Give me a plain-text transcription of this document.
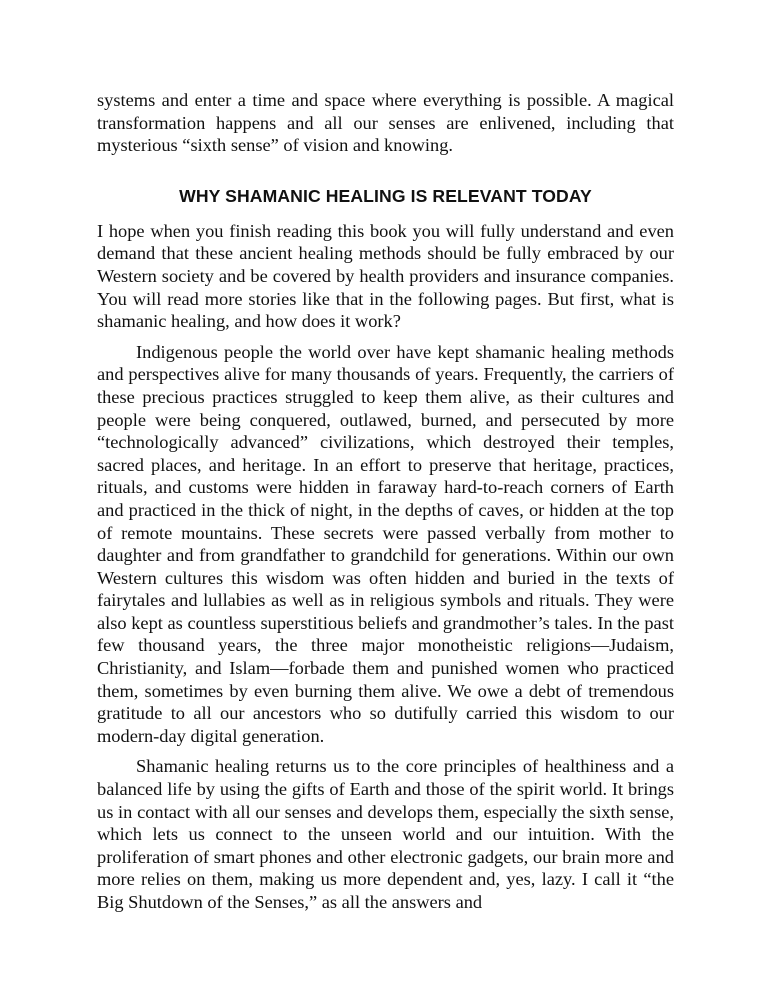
systems and enter a time and space where everything is possible. A magical transformation happens and all our senses are enlivened, including that mysterious “sixth sense” of vision and knowing.

WHY SHAMANIC HEALING IS RELEVANT TODAY

I hope when you finish reading this book you will fully understand and even demand that these ancient healing methods should be fully embraced by our Western society and be covered by health providers and insurance companies. You will read more stories like that in the following pages. But first, what is shamanic healing, and how does it work?

Indigenous people the world over have kept shamanic healing methods and perspectives alive for many thousands of years. Frequently, the carriers of these precious practices struggled to keep them alive, as their cultures and people were being conquered, outlawed, burned, and persecuted by more “technologically advanced” civilizations, which destroyed their temples, sacred places, and heritage. In an effort to preserve that heritage, practices, rituals, and customs were hidden in faraway hard-to-reach corners of Earth and practiced in the thick of night, in the depths of caves, or hidden at the top of remote mountains. These secrets were passed verbally from mother to daughter and from grandfather to grandchild for generations. Within our own Western cultures this wisdom was often hidden and buried in the texts of fairytales and lullabies as well as in religious symbols and rituals. They were also kept as countless superstitious beliefs and grandmother’s tales. In the past few thousand years, the three major monotheistic religions—Judaism, Christianity, and Islam—forbade them and punished women who practiced them, sometimes by even burning them alive. We owe a debt of tremendous gratitude to all our ancestors who so dutifully carried this wisdom to our modern-day digital generation.

Shamanic healing returns us to the core principles of healthiness and a balanced life by using the gifts of Earth and those of the spirit world. It brings us in contact with all our senses and develops them, especially the sixth sense, which lets us connect to the unseen world and our intuition. With the proliferation of smart phones and other electronic gadgets, our brain more and more relies on them, making us more dependent and, yes, lazy. I call it “the Big Shutdown of the Senses,” as all the answers and
